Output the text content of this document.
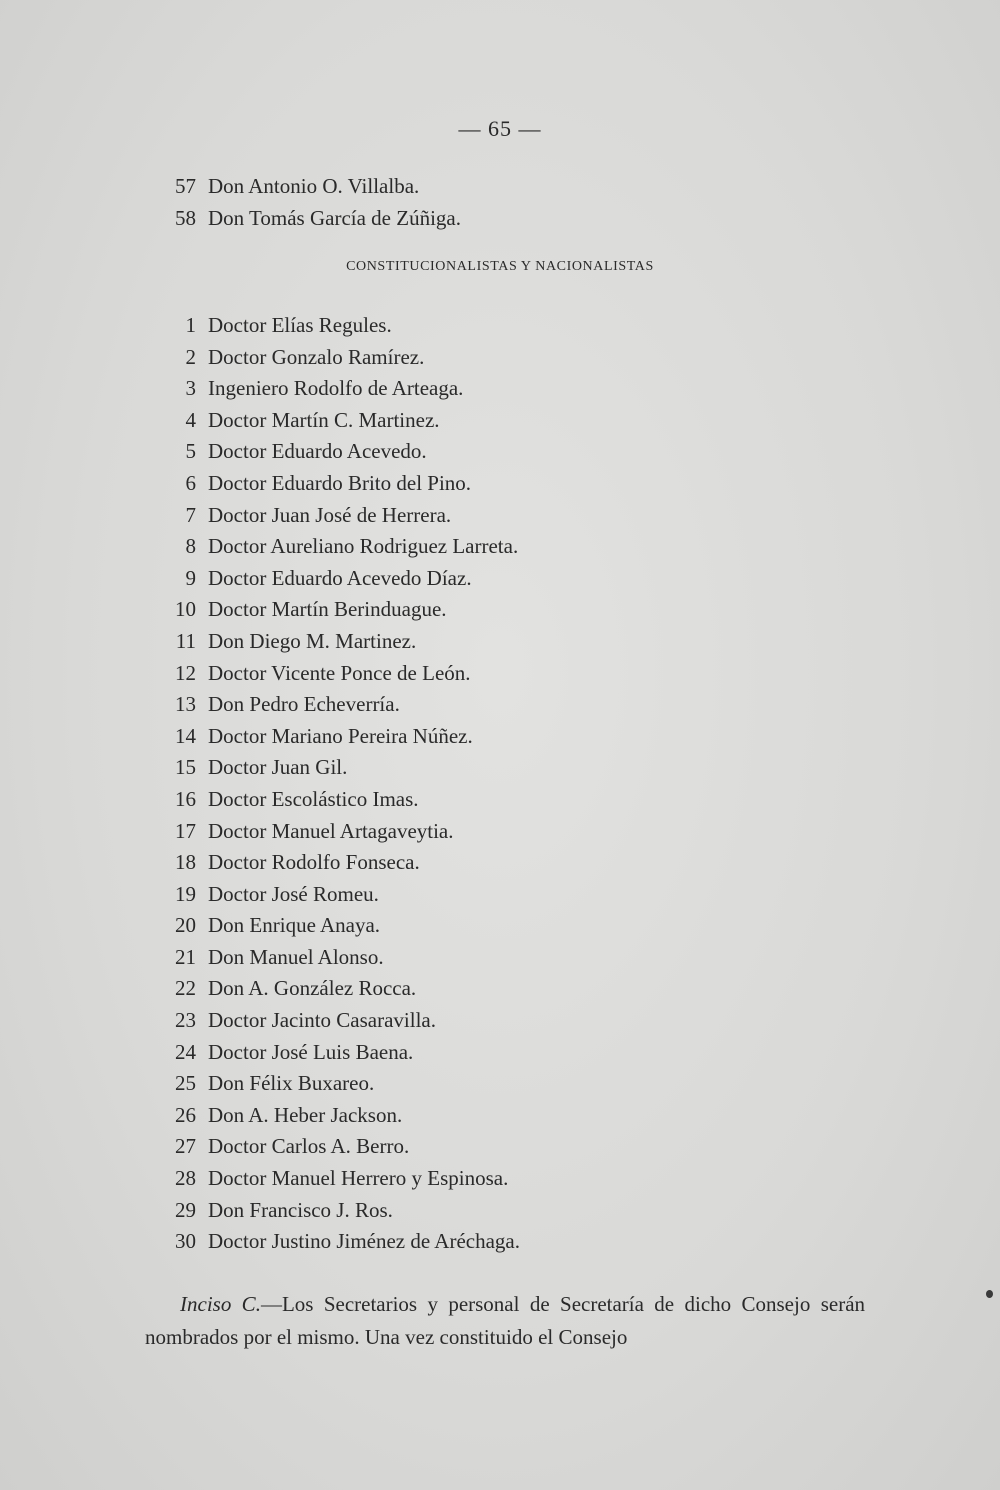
— 65 —
57 Don Antonio O. Villalba.
58 Don Tomás García de Zúñiga.
CONSTITUCIONALISTAS Y NACIONALISTAS
1 Doctor Elías Regules.
2 Doctor Gonzalo Ramírez.
3 Ingeniero Rodolfo de Arteaga.
4 Doctor Martín C. Martinez.
5 Doctor Eduardo Acevedo.
6 Doctor Eduardo Brito del Pino.
7 Doctor Juan José de Herrera.
8 Doctor Aureliano Rodriguez Larreta.
9 Doctor Eduardo Acevedo Díaz.
10 Doctor Martín Berinduague.
11 Don Diego M. Martinez.
12 Doctor Vicente Ponce de León.
13 Don Pedro Echeverría.
14 Doctor Mariano Pereira Núñez.
15 Doctor Juan Gil.
16 Doctor Escolástico Imas.
17 Doctor Manuel Artagaveytia.
18 Doctor Rodolfo Fonseca.
19 Doctor José Romeu.
20 Don Enrique Anaya.
21 Don Manuel Alonso.
22 Don A. González Rocca.
23 Doctor Jacinto Casaravilla.
24 Doctor José Luis Baena.
25 Don Félix Buxareo.
26 Don A. Heber Jackson.
27 Doctor Carlos A. Berro.
28 Doctor Manuel Herrero y Espinosa.
29 Don Francisco J. Ros.
30 Doctor Justino Jiménez de Aréchaga.

Inciso C.—Los Secretarios y personal de Secretaría de dicho Consejo serán nombrados por el mismo. Una vez constituido el Consejo
